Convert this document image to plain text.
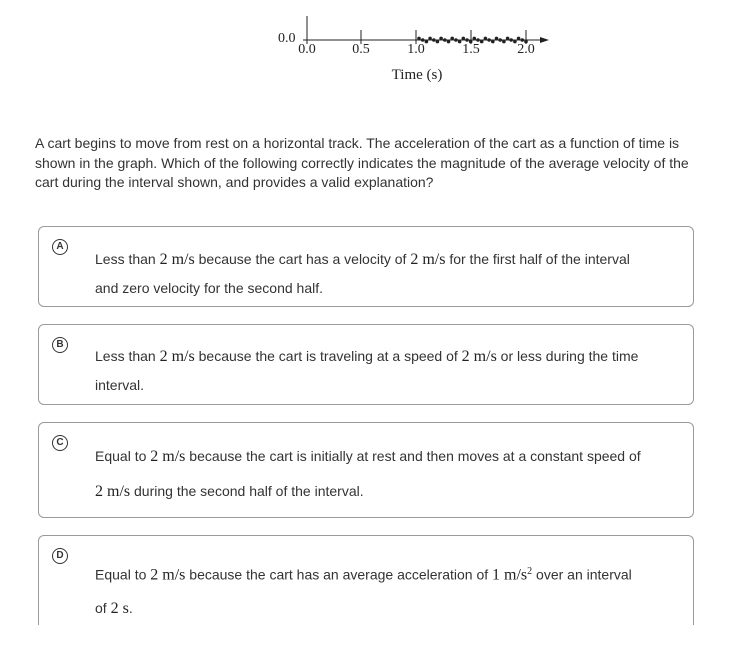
0.0
0.0	0.5	1.0	1.5	2.0
Time (s)
A cart begins to move from rest on a horizontal track. The acceleration of the cart as a function of time is shown in the graph. Which of the following correctly indicates the magnitude of the average velocity of the cart during the interval shown, and provides a valid explanation?
A
Less than 2 m/s because the cart has a velocity of 2 m/s for the first half of the interval
and zero velocity for the second half.
B
Less than 2 m/s because the cart is traveling at a speed of 2 m/s or less during the time
interval.
C
Equal to 2 m/s because the cart is initially at rest and then moves at a constant speed of
2 m/s during the second half of the interval.
D
Equal to 2 m/s because the cart has an average acceleration of 1 $m/s^2$ over an interval
of 2 s.
